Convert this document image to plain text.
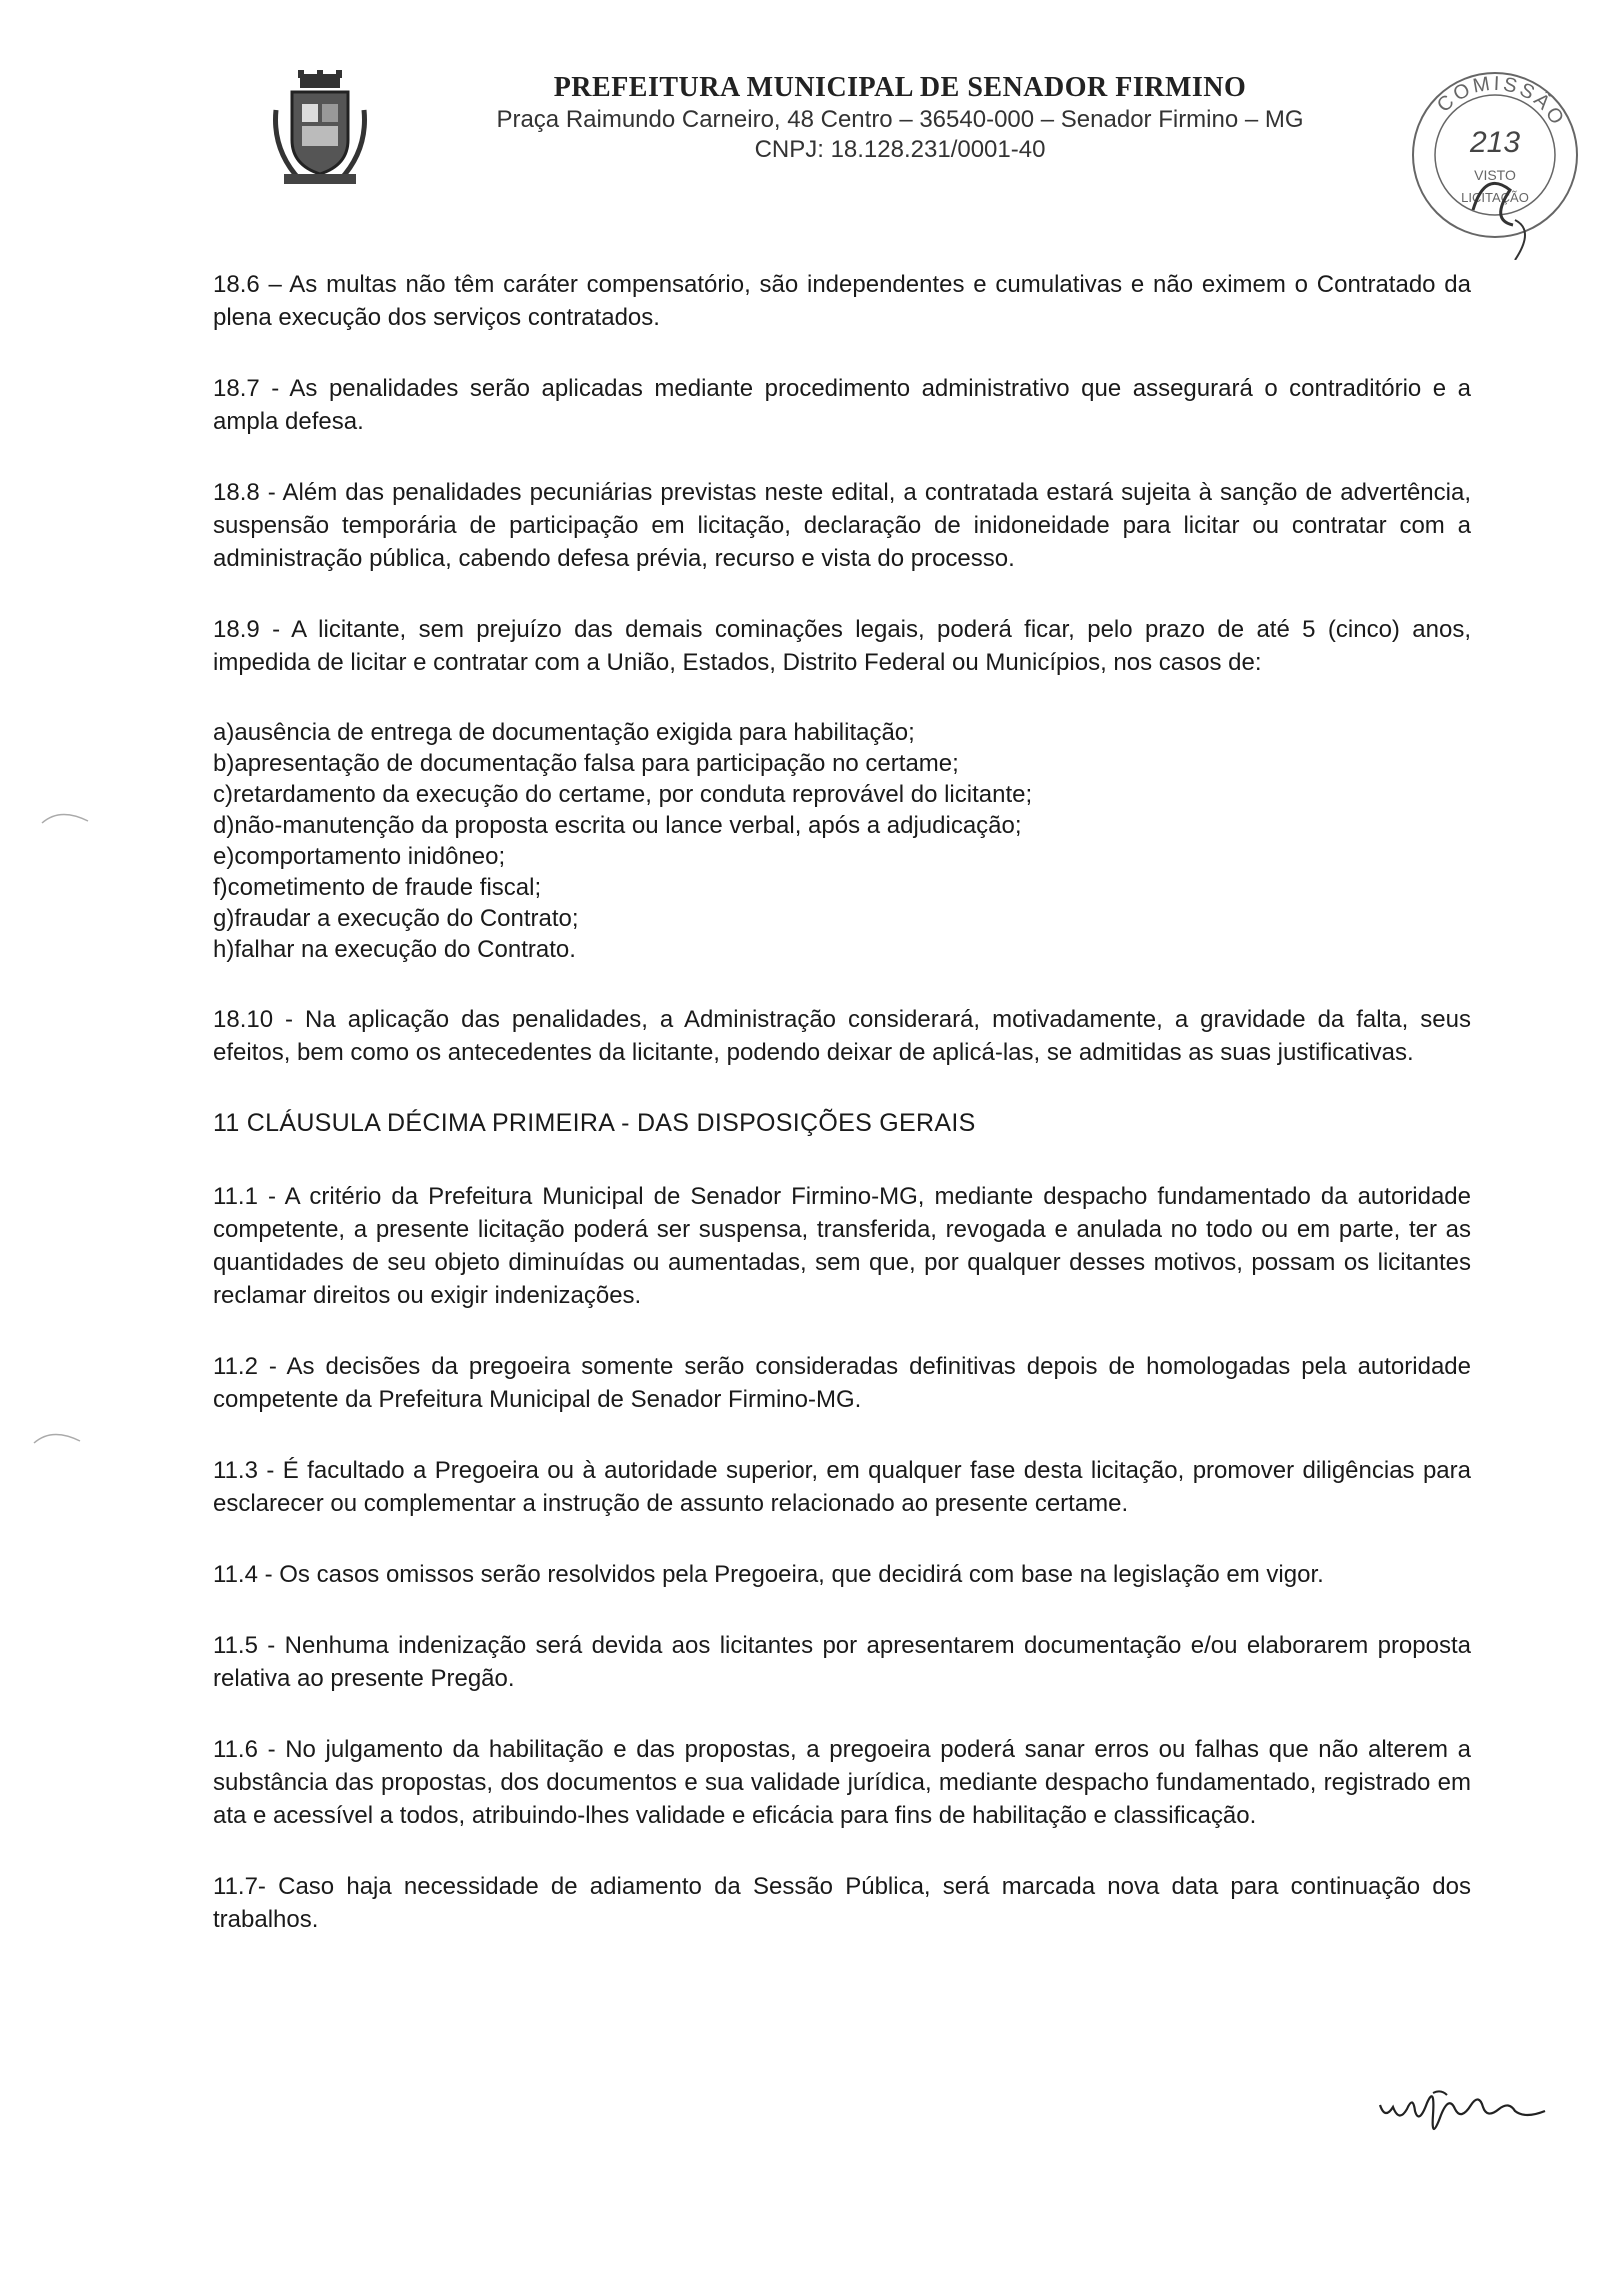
PREFEITURA MUNICIPAL DE SENADOR FIRMINO
Praça Raimundo Carneiro, 48 Centro – 36540-000 – Senador Firmino – MG
CNPJ: 18.128.231/0001-40
COMISSÃO
213
VISTO
LICITAÇÃO

18.6 – As multas não têm caráter compensatório, são independentes e cumulativas e não eximem o Contratado da plena execução dos serviços contratados.

18.7 - As penalidades serão aplicadas mediante procedimento administrativo que assegurará o contraditório e a ampla defesa.

18.8 - Além das penalidades pecuniárias previstas neste edital, a contratada estará sujeita à sanção de advertência, suspensão temporária de participação em licitação, declaração de inidoneidade para licitar ou contratar com a administração pública, cabendo defesa prévia, recurso e vista do processo.

18.9 - A licitante, sem prejuízo das demais cominações legais, poderá ficar, pelo prazo de até 5 (cinco) anos, impedida de licitar e contratar com a União, Estados, Distrito Federal ou Municípios, nos casos de:

a)ausência de entrega de documentação exigida para habilitação;
b)apresentação de documentação falsa para participação no certame;
c)retardamento da execução do certame, por conduta reprovável do licitante;
d)não-manutenção da proposta escrita ou lance verbal, após a adjudicação;
e)comportamento inidôneo;
f)cometimento de fraude fiscal;
g)fraudar a execução do Contrato;
h)falhar na execução do Contrato.

18.10 - Na aplicação das penalidades, a Administração considerará, motivadamente, a gravidade da falta, seus efeitos, bem como os antecedentes da licitante, podendo deixar de aplicá-las, se admitidas as suas justificativas.

11 CLÁUSULA DÉCIMA PRIMEIRA - DAS DISPOSIÇÕES GERAIS

11.1 - A critério da Prefeitura Municipal de Senador Firmino-MG, mediante despacho fundamentado da autoridade competente, a presente licitação poderá ser suspensa, transferida, revogada e anulada no todo ou em parte, ter as quantidades de seu objeto diminuídas ou aumentadas, sem que, por qualquer desses motivos, possam os licitantes reclamar direitos ou exigir indenizações.

11.2 - As decisões da pregoeira somente serão consideradas definitivas depois de homologadas pela autoridade competente da Prefeitura Municipal de Senador Firmino-MG.

11.3 - É facultado a Pregoeira ou à autoridade superior, em qualquer fase desta licitação, promover diligências para esclarecer ou complementar a instrução de assunto relacionado ao presente certame.

11.4 - Os casos omissos serão resolvidos pela Pregoeira, que decidirá com base na legislação em vigor.

11.5 - Nenhuma indenização será devida aos licitantes por apresentarem documentação e/ou elaborarem proposta relativa ao presente Pregão.

11.6 - No julgamento da habilitação e das propostas, a pregoeira poderá sanar erros ou falhas que não alterem a substância das propostas, dos documentos e sua validade jurídica, mediante despacho fundamentado, registrado em ata e acessível a todos, atribuindo-lhes validade e eficácia para fins de habilitação e classificação.

11.7- Caso haja necessidade de adiamento da Sessão Pública, será marcada nova data para continuação dos trabalhos.
